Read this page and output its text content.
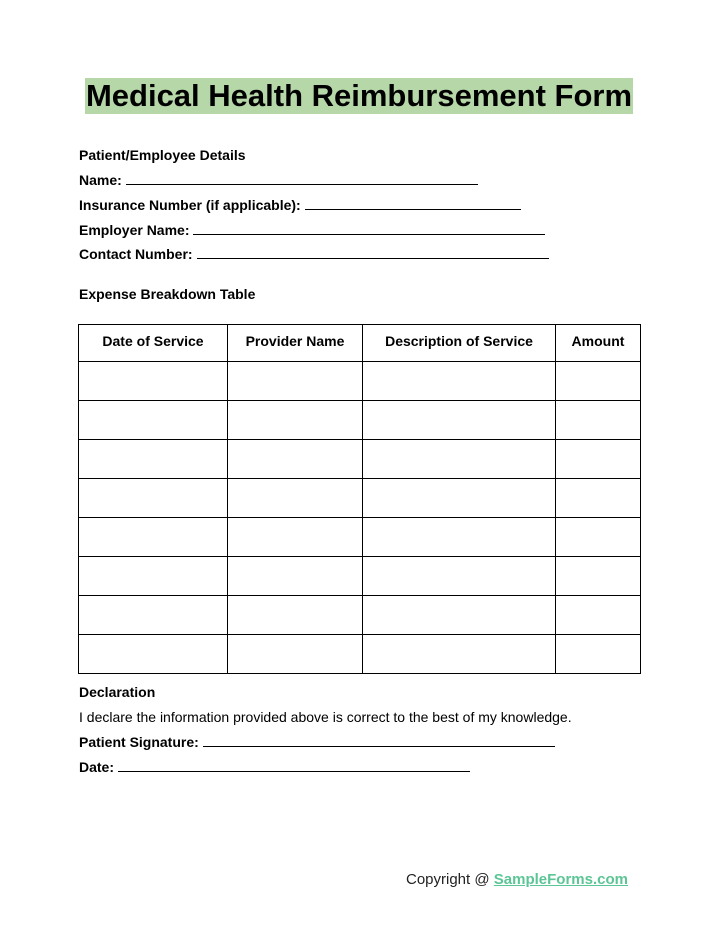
Medical Health Reimbursement Form
Patient/Employee Details
Name:
Insurance Number (if applicable):
Employer Name:
Contact Number:
Expense Breakdown Table
Date of Service	Provider Name	Description of Service	Amount

Declaration
I declare the information provided above is correct to the best of my knowledge.
Patient Signature:
Date:
Copyright @ SampleForms.com
